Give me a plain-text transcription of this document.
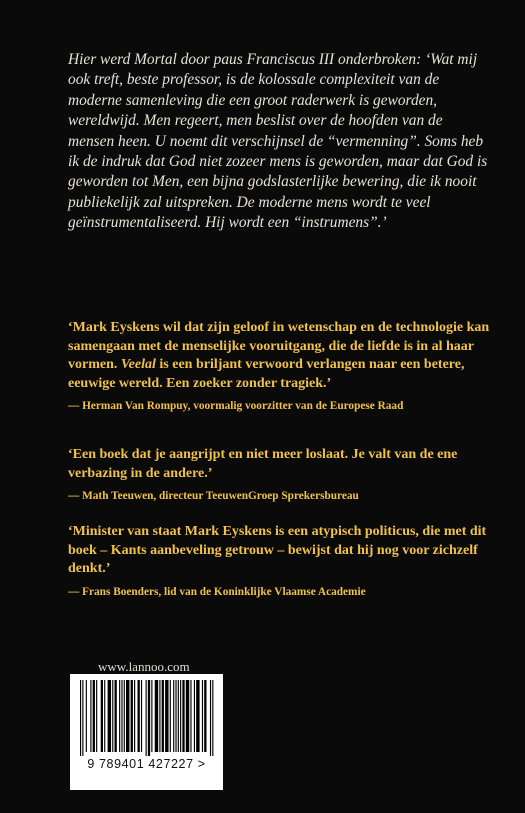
Hier werd Mortal door paus Franciscus III onderbroken: ‘Wat mij ook treft, beste professor, is de kolossale complexiteit van de moderne samenleving die een groot raderwerk is geworden, wereldwijd. Men regeert, men beslist over de hoofden van de mensen heen. U noemt dit verschijnsel de “vermenning”. Soms heb ik de indruk dat God niet zozeer mens is geworden, maar dat God is geworden tot Men, een bijna godslasterlijke bewering, die ik nooit publiekelijk zal uitspreken. De moderne mens wordt te veel geïnstrumentaliseerd. Hij wordt een “instrumens”.’

‘Mark Eyskens wil dat zijn geloof in wetenschap en de technologie kan samengaan met de menselijke vooruitgang, die de liefde is in al haar vormen. Veelal is een briljant verwoord verlangen naar een betere, eeuwige wereld. Een zoeker zonder tragiek.’

— Herman Van Rompuy, voormalig voorzitter van de Europese Raad

‘Een boek dat je aangrijpt en niet meer loslaat. Je valt van de ene verbazing in de andere.’

— Math Teeuwen, directeur TeeuwenGroep Sprekersbureau

‘Minister van staat Mark Eyskens is een atypisch politicus, die met dit boek – Kants aanbeveling getrouw – bewijst dat hij nog voor zichzelf denkt.’

— Frans Boenders, lid van de Koninklijke Vlaamse Academie

www.lannoo.com
9 789401 427227 >
